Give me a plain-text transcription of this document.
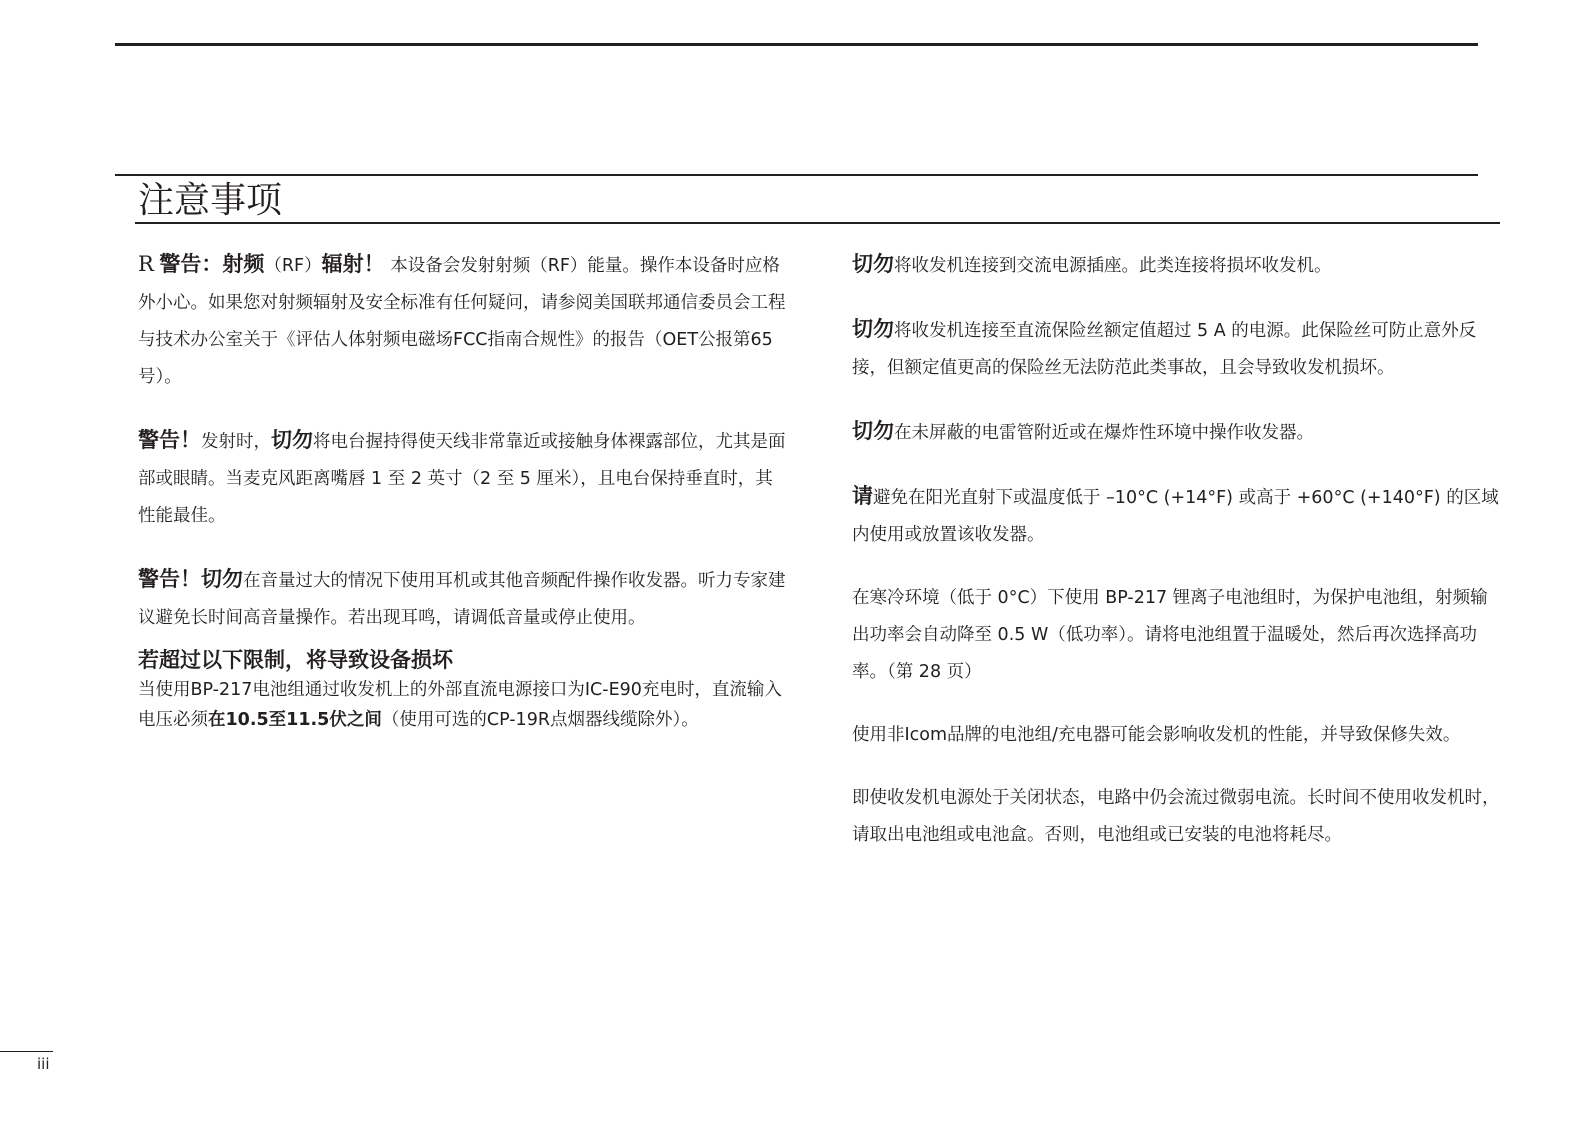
注意事项

R 警告：射频（RF）辐射！ 本设备会发射射频（RF）能量。操作本设备时应格外小心。如果您对射频辐射及安全标准有任何疑问，请参阅美国联邦通信委员会工程与技术办公室关于《评估人体射频电磁场FCC指南合规性》的报告（OET公报第65号）。

警告！发射时，切勿将电台握持得使天线非常靠近或接触身体裸露部位，尤其是面部或眼睛。当麦克风距离嘴唇 1 至 2 英寸（2 至 5 厘米），且电台保持垂直时，其性能最佳。

警告！切勿在音量过大的情况下使用耳机或其他音频配件操作收发器。听力专家建议避免长时间高音量操作。若出现耳鸣，请调低音量或停止使用。

若超过以下限制，将导致设备损坏

当使用BP-217电池组通过收发机上的外部直流电源接口为IC-E90充电时，直流输入电压必须在10.5至11.5伏之间（使用可选的CP-19R点烟器线缆除外）。

切勿将收发机连接到交流电源插座。此类连接将损坏收发机。

切勿将收发机连接至直流保险丝额定值超过 5 A 的电源。此保险丝可防止意外反接，但额定值更高的保险丝无法防范此类事故，且会导致收发机损坏。

切勿在未屏蔽的电雷管附近或在爆炸性环境中操作收发器。

请避免在阳光直射下或温度低于 –10°C (+14°F) 或高于 +60°C (+140°F) 的区域内使用或放置该收发器。

在寒冷环境（低于 0°C）下使用 BP-217 锂离子电池组时，为保护电池组，射频输出功率会自动降至 0.5 W（低功率）。请将电池组置于温暖处，然后再次选择高功率。（第 28 页）

使用非Icom品牌的电池组/充电器可能会影响收发机的性能，并导致保修失效。

即使收发机电源处于关闭状态，电路中仍会流过微弱电流。长时间不使用收发机时，请取出电池组或电池盒。否则，电池组或已安装的电池将耗尽。

iii
